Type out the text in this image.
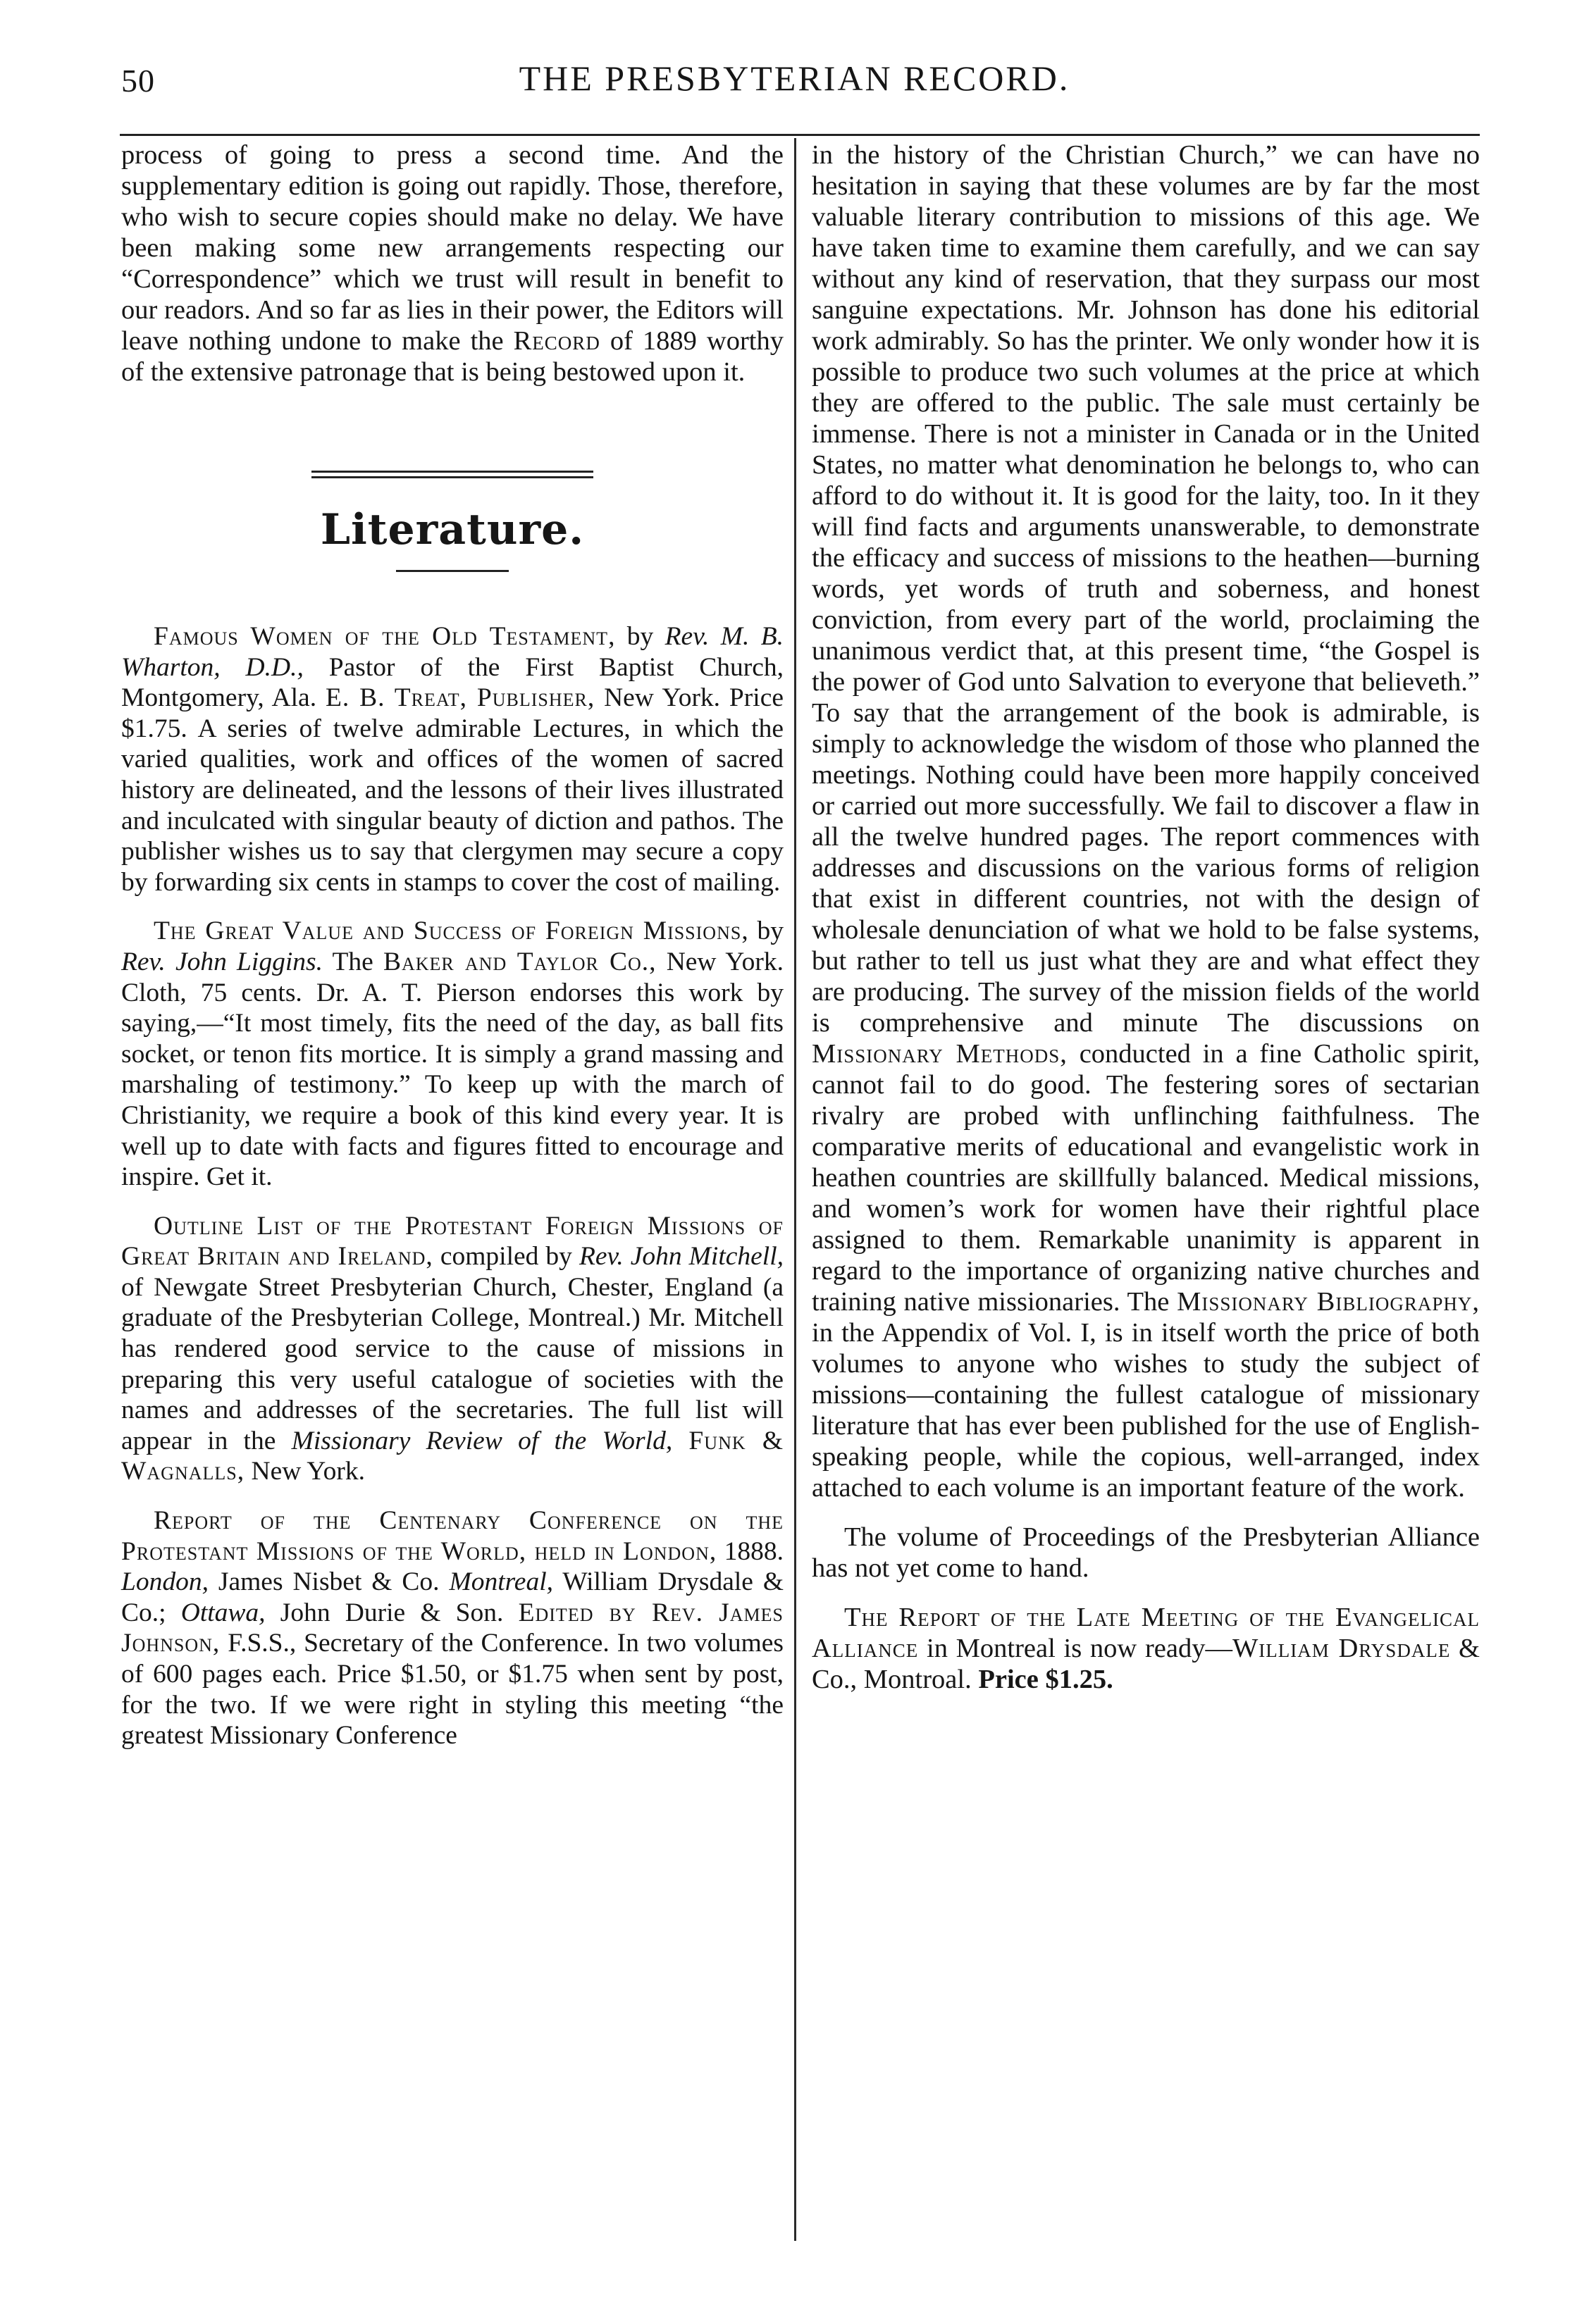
50	THE PRESBYTERIAN RECORD.

process of going to press a second time. And the supplementary edition is going out rapidly. Those, therefore, who wish to secure copies should make no delay. We have been making some new arrangements respecting our “Correspondence” which we trust will result in benefit to our readors. And so far as lies in their power, the Editors will leave nothing undone to make the Record of 1889 worthy of the extensive patronage that is being bestowed upon it.

Literature.

Famous Women of the Old Testament, by Rev. M. B. Wharton, D.D., Pastor of the First Baptist Church, Montgomery, Ala. E. B. Treat, Publisher, New York. Price $1.75. A series of twelve admirable Lectures, in which the varied qualities, work and offices of the women of sacred history are delineated, and the lessons of their lives illustrated and inculcated with singular beauty of diction and pathos. The publisher wishes us to say that clergymen may secure a copy by forwarding six cents in stamps to cover the cost of mailing.

The Great Value and Success of Foreign Missions, by Rev. John Liggins. The Baker and Taylor Co., New York. Cloth, 75 cents. Dr. A. T. Pierson endorses this work by saying,—“It most timely, fits the need of the day, as ball fits socket, or tenon fits mortice. It is simply a grand massing and marshaling of testimony.” To keep up with the march of Christianity, we require a book of this kind every year. It is well up to date with facts and figures fitted to encourage and inspire. Get it.

Outline List of the Protestant Foreign Missions of Great Britain and Ireland, compiled by Rev. John Mitchell, of Newgate Street Presbyterian Church, Chester, England (a graduate of the Presbyterian College, Montreal.) Mr. Mitchell has rendered good service to the cause of missions in preparing this very useful catalogue of societies with the names and addresses of the secretaries. The full list will appear in the Missionary Review of the World, Funk & Wagnalls, New York.

Report of the Centenary Conference on the Protestant Missions of the World, held in London, 1888. London, James Nisbet & Co. Montreal, William Drysdale & Co.; Ottawa, John Durie & Son. Edited by Rev. James Johnson, F.S.S., Secretary of the Conference. In two volumes of 600 pages each. Price $1.50, or $1.75 when sent by post, for the two. If we were right in styling this meeting “the greatest Missionary Conference

in the history of the Christian Church,” we can have no hesitation in saying that these volumes are by far the most valuable literary contribution to missions of this age. We have taken time to examine them carefully, and we can say without any kind of reservation, that they surpass our most sanguine expectations. Mr. Johnson has done his editorial work admirably. So has the printer. We only wonder how it is possible to produce two such volumes at the price at which they are offered to the public. The sale must certainly be immense. There is not a minister in Canada or in the United States, no matter what denomination he belongs to, who can afford to do without it. It is good for the laity, too. In it they will find facts and arguments unanswerable, to demonstrate the efficacy and success of missions to the heathen—burning words, yet words of truth and soberness, and honest conviction, from every part of the world, proclaiming the unanimous verdict that, at this present time, “the Gospel is the power of God unto Salvation to everyone that believeth.” To say that the arrangement of the book is admirable, is simply to acknowledge the wisdom of those who planned the meetings. Nothing could have been more happily conceived or carried out more successfully. We fail to discover a flaw in all the twelve hundred pages. The report commences with addresses and discussions on the various forms of religion that exist in different countries, not with the design of wholesale denunciation of what we hold to be false systems, but rather to tell us just what they are and what effect they are producing. The survey of the mission fields of the world is comprehensive and minute The discussions on Missionary Methods, conducted in a fine Catholic spirit, cannot fail to do good. The festering sores of sectarian rivalry are probed with unflinching faithfulness. The comparative merits of educational and evangelistic work in heathen countries are skillfully balanced. Medical missions, and women’s work for women have their rightful place assigned to them. Remarkable unanimity is apparent in regard to the importance of organizing native churches and training native missionaries. The Missionary Bibliography, in the Appendix of Vol. I, is in itself worth the price of both volumes to anyone who wishes to study the subject of missions—containing the fullest catalogue of missionary literature that has ever been published for the use of English-speaking people, while the copious, well-arranged, index attached to each volume is an important feature of the work.

The volume of Proceedings of the Presbyterian Alliance has not yet come to hand.

The Report of the Late Meeting of the Evangelical Alliance in Montreal is now ready—William Drysdale & Co., Montroal. Price $1.25.
